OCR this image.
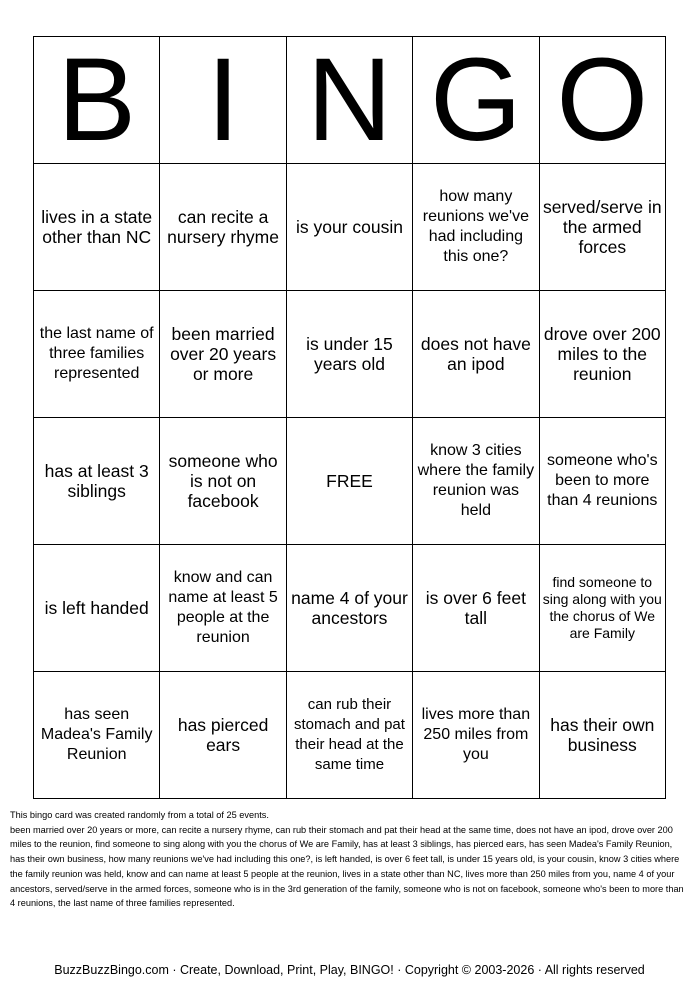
B	I	N	G	O
lives in a state other than NC	can recite a nursery rhyme	is your cousin	how many reunions we've had including this one?	served/serve in the armed forces
the last name of three families represented	been married over 20 years or more	is under 15 years old	does not have an ipod	drove over 200 miles to the reunion
has at least 3 siblings	someone who is not on facebook	FREE	know 3 cities where the family reunion was held	someone who's been to more than 4 reunions
is left handed	know and can name at least 5 people at the reunion	name 4 of your ancestors	is over 6 feet tall	find someone to sing along with you the chorus of We are Family
has seen Madea's Family Reunion	has pierced ears	can rub their stomach and pat their head at the same time	lives more than 250 miles from you	has their own business
This bingo card was created randomly from a total of 25 events.
been married over 20 years or more, can recite a nursery rhyme, can rub their stomach and pat their head at the same time, does not have an ipod, drove over 200 miles to the reunion, find someone to sing along with you the chorus of We are Family, has at least 3 siblings, has pierced ears, has seen Madea's Family Reunion, has their own business, how many reunions we've had including this one?, is left handed, is over 6 feet tall, is under 15 years old, is your cousin, know 3 cities where the family reunion was held, know and can name at least 5 people at the reunion, lives in a state other than NC, lives more than 250 miles from you, name 4 of your ancestors, served/serve in the armed forces, someone who is in the 3rd generation of the family, someone who is not on facebook, someone who's been to more than 4 reunions, the last name of three families represented.
BuzzBuzzBingo.com · Create, Download, Print, Play, BINGO! · Copyright © 2003-2026 · All rights reserved
